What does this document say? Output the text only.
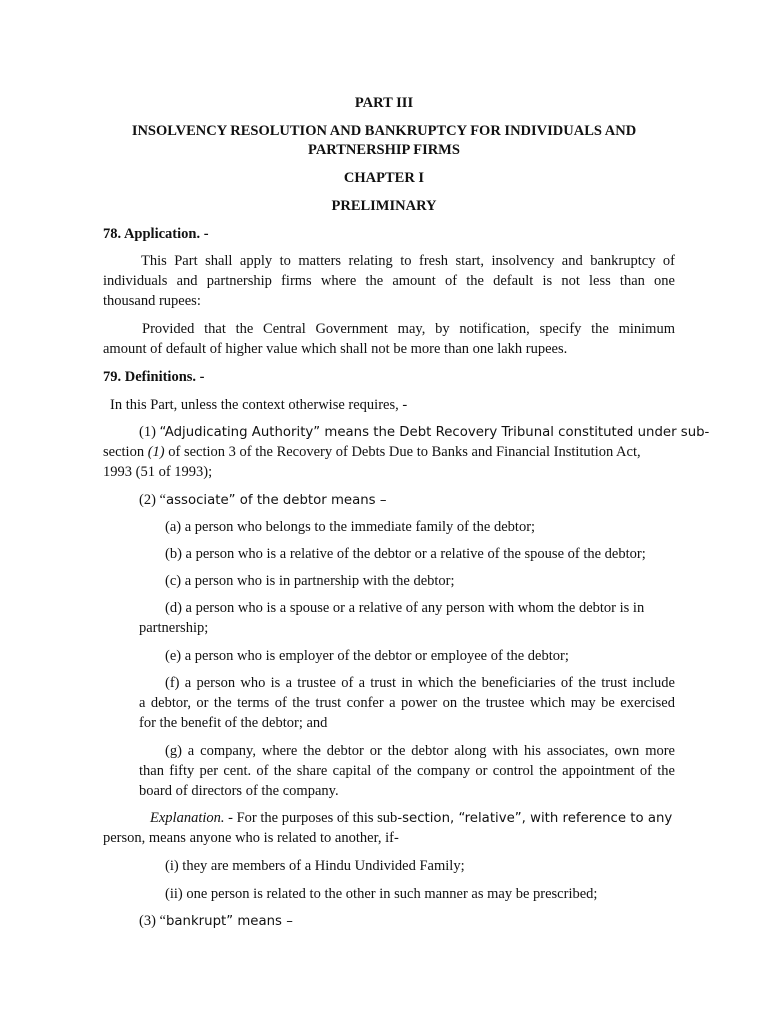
PART III
INSOLVENCY RESOLUTION AND BANKRUPTCY FOR INDIVIDUALS AND
PARTNERSHIP FIRMS
CHAPTER I
PRELIMINARY
78. Application. -
This Part shall apply to matters relating to fresh start, insolvency and bankruptcy of
individuals and partnership firms where the amount of the default is not less than one
thousand rupees:
Provided that the Central Government may, by notification, specify the minimum
amount of default of higher value which shall not be more than one lakh rupees.
79. Definitions. -
In this Part, unless the context otherwise requires, -
(1) “Adjudicating Authority” means the Debt Recovery Tribunal constituted under sub-
section (1) of section 3 of the Recovery of Debts Due to Banks and Financial Institution Act,
1993 (51 of 1993);
(2) “associate” of the debtor means –
(a) a person who belongs to the immediate family of the debtor;
(b) a person who is a relative of the debtor or a relative of the spouse of the debtor;
(c) a person who is in partnership with the debtor;
(d) a person who is a spouse or a relative of any person with whom the debtor is in
partnership;
(e) a person who is employer of the debtor or employee of the debtor;
(f) a person who is a trustee of a trust in which the beneficiaries of the trust include
a debtor, or the terms of the trust confer a power on the trustee which may be exercised
for the benefit of the debtor; and
(g) a company, where the debtor or the debtor along with his associates, own more
than fifty per cent. of the share capital of the company or control the appointment of the
board of directors of the company.
Explanation. - For the purposes of this sub-section, “relative”, with reference to any
person, means anyone who is related to another, if-
(i) they are members of a Hindu Undivided Family;
(ii) one person is related to the other in such manner as may be prescribed;
(3) “bankrupt” means –
